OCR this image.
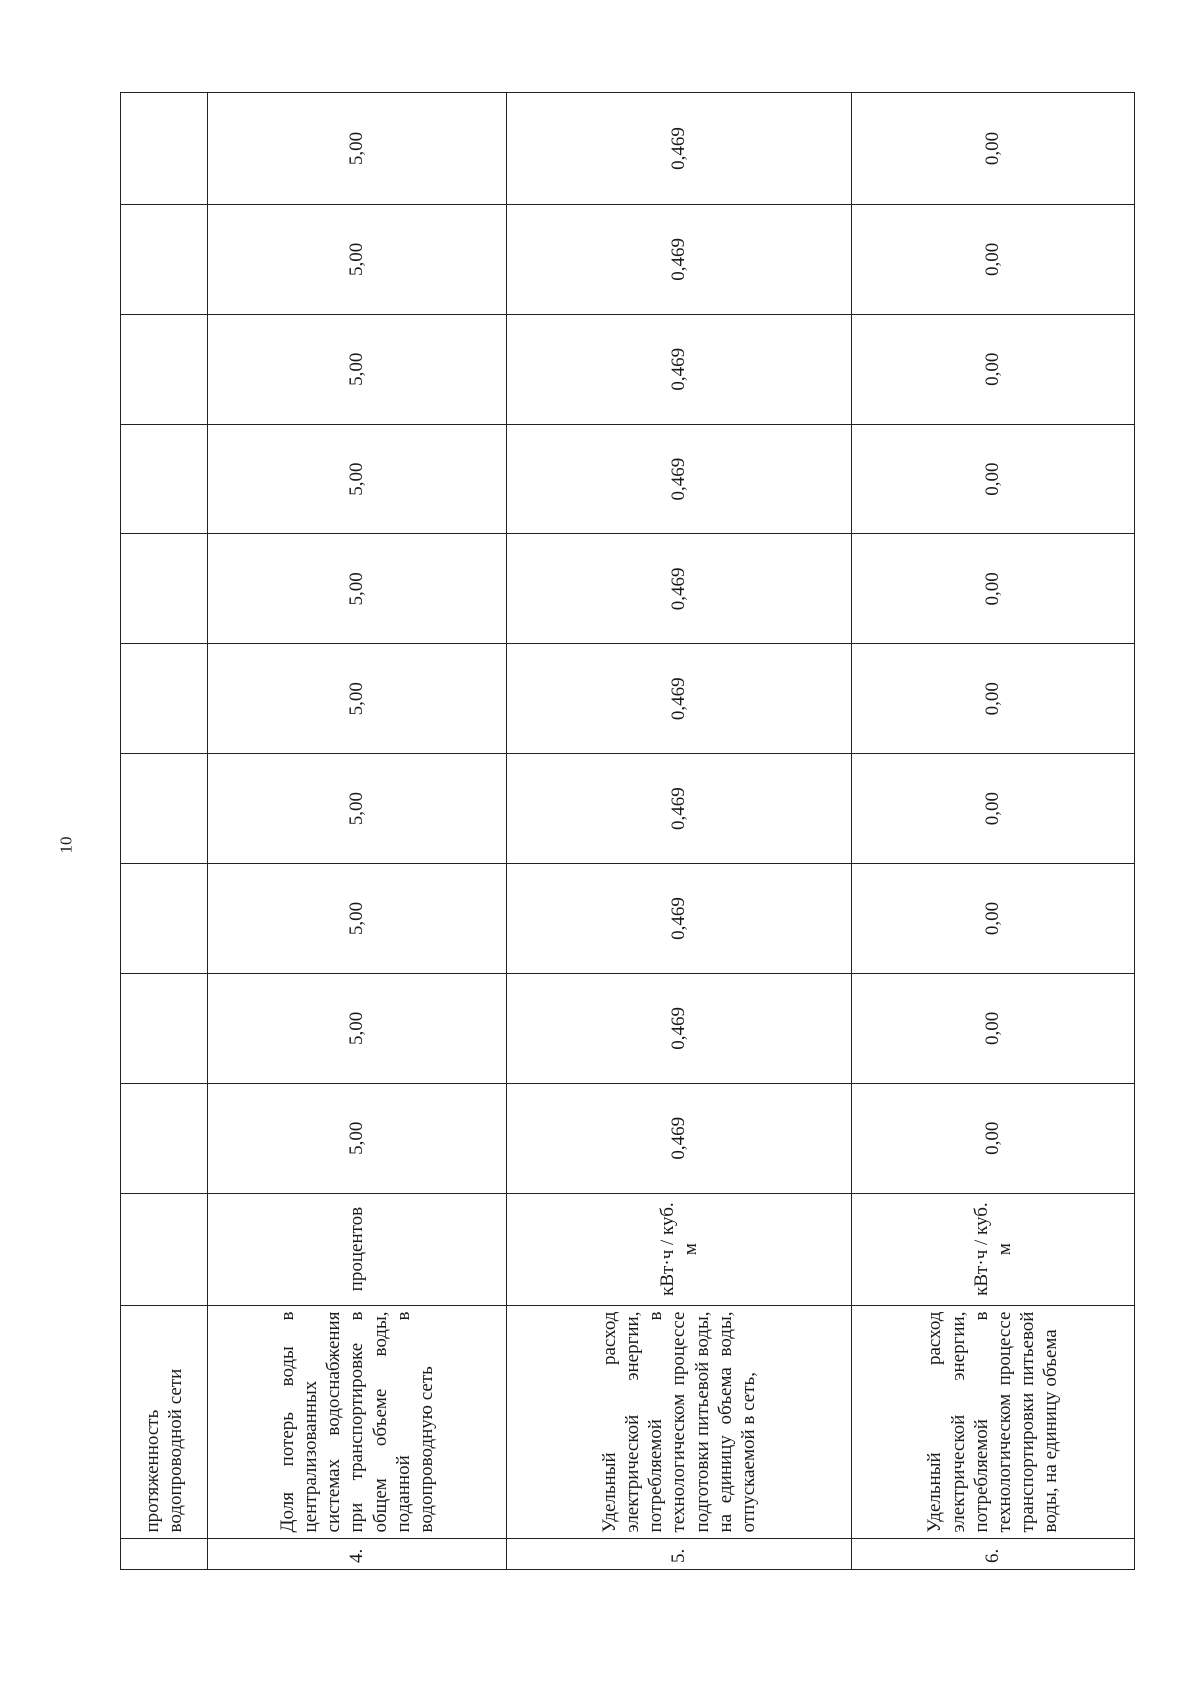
10
	протяженность водопроводной сети											
4.	Доля потерь воды в централизованных системах водоснабжения при транспортировке в общем объеме воды, поданной в водопроводную сеть	процентов	5,00	5,00	5,00	5,00	5,00	5,00	5,00	5,00	5,00	5,00
5.	Удельный расход электрической энергии, потребляемой в технологическом процессе подготовки питьевой воды, на единицу объема воды, отпускаемой в сеть,	кВт·ч / куб. м	0,469	0,469	0,469	0,469	0,469	0,469	0,469	0,469	0,469	0,469
6.	Удельный расход электрической энергии, потребляемой в технологическом процессе транспортировки питьевой воды, на единицу объема	кВт·ч / куб. м	0,00	0,00	0,00	0,00	0,00	0,00	0,00	0,00	0,00	0,00
